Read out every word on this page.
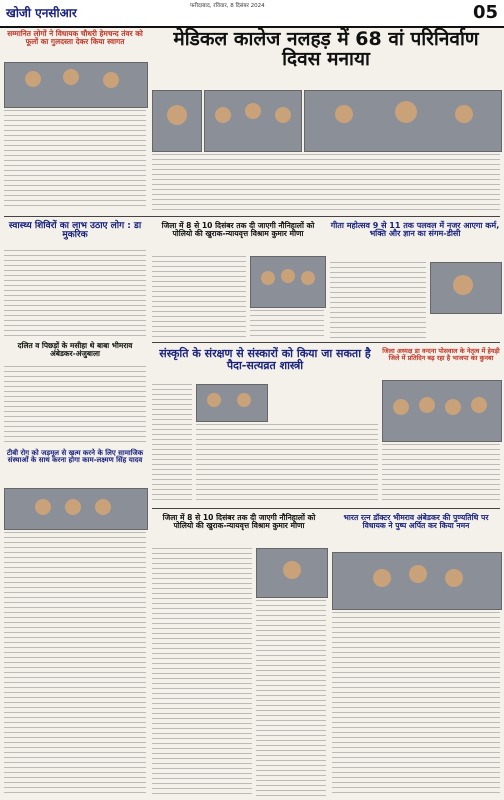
खोजी एनसीआर	फरीदाबाद, रविवार, 8 दिसंबर 2024	05
मेडिकल कालेज नलहड़ में 68 वां परिनिर्वाण दिवस मनाया
सम्मानित लोगों ने विधायक चौधरी हेमचन्द तंवर को फूलों का गुलदस्ता देकर किया स्वागत
स्वास्थ्य शिविरों का लाभ उठाए लोग : डा मुकरिक
जिला में 8 से 10 दिसंबर तक दी जाएगी नौनिहालों को पोलियो की खुराक-न्यायवृत्त विश्राम कुमार मीणा
गीता महोत्सव 9 से 11 तक पलवल में नजर आएगा कर्म, भक्ति और ज्ञान का संगम-डीसी
संस्कृति के संरक्षण से संस्कारों को किया जा सकता है पैदा-सत्यव्रत शास्त्री
जिला अध्यक्ष डा वन्दना पोसवाल के नेतृत्व में हेयड़ी जिले में प्रतिदिन बढ़ रहा है भाजपा का कुनबा
दलित व पिछड़ों के मसीहा थे बाबा भीमराव अंबेडकर-अंजुबाला
टीबी रोग को जड़मूल से खत्म करने के लिए सामाजिक संस्थाओं के साथ करना होगा काम-लक्ष्मण सिंह यादव
जिला में 8 से 10 दिसंबर तक दी जाएगी नौनिहालों को पोलियो की खुराक-न्यायवृत्त विश्राम कुमार मीणा
भारत रत्न डॉक्टर भीमराव अंबेडकर की पुण्यतिथि पर विधायक ने पुष्प अर्पित कर किया नमन
